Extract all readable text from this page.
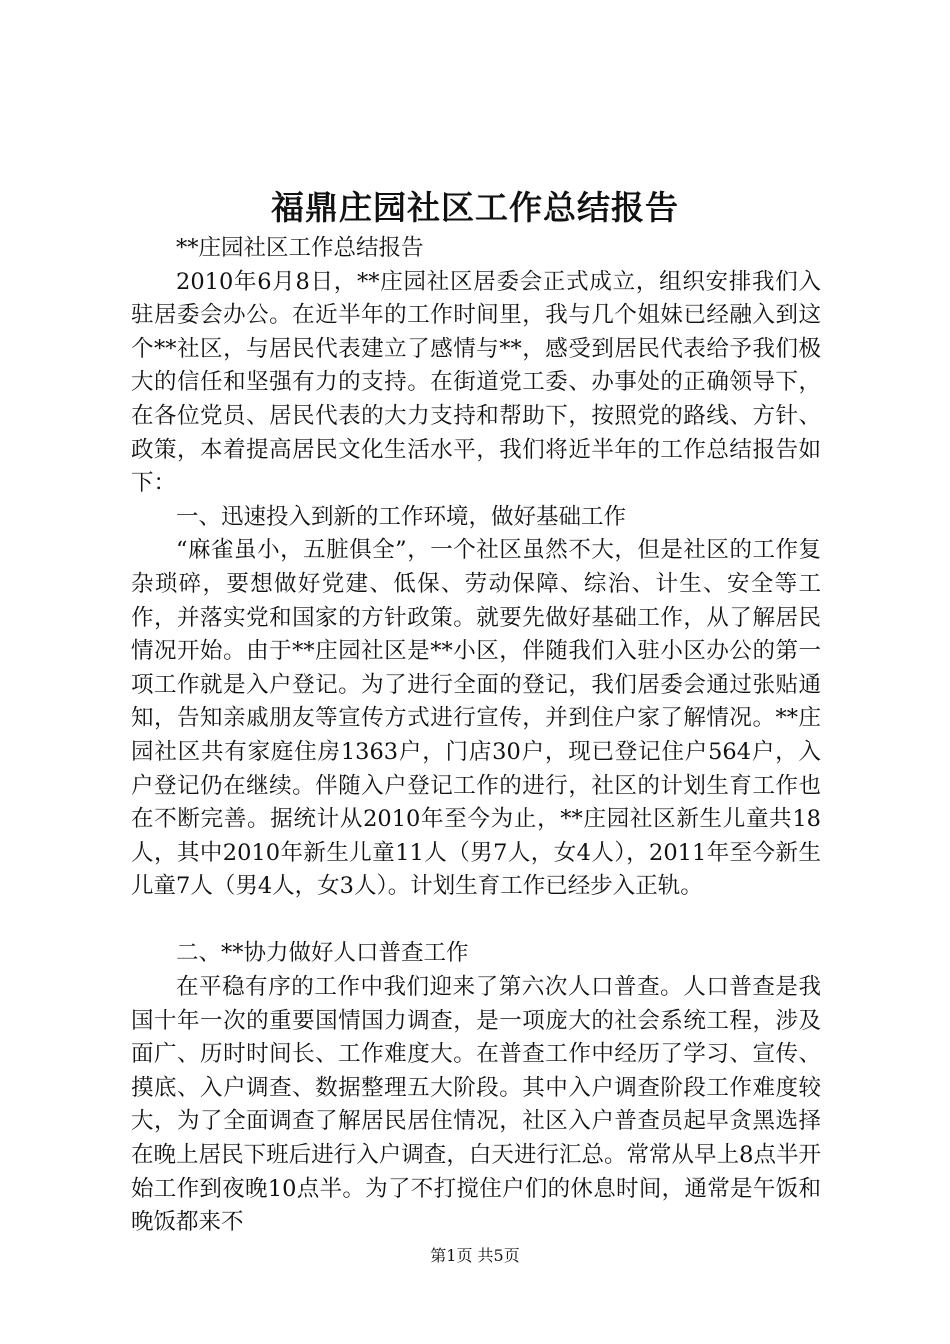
福鼎庄园社区工作总结报告

**庄园社区工作总结报告

2010年6月8日，**庄园社区居委会正式成立，组织安排我们入驻居委会办公。在近半年的工作时间里，我与几个姐妹已经融入到这个**社区，与居民代表建立了感情与**，感受到居民代表给予我们极大的信任和坚强有力的支持。在街道党工委、办事处的正确领导下，在各位党员、居民代表的大力支持和帮助下，按照党的路线、方针、政策，本着提高居民文化生活水平，我们将近半年的工作总结报告如下：

一、迅速投入到新的工作环境，做好基础工作

“麻雀虽小，五脏俱全”，一个社区虽然不大，但是社区的工作复杂琐碎，要想做好党建、低保、劳动保障、综治、计生、安全等工作，并落实党和国家的方针政策。就要先做好基础工作，从了解居民情况开始。由于**庄园社区是**小区，伴随我们入驻小区办公的第一项工作就是入户登记。为了进行全面的登记，我们居委会通过张贴通知，告知亲戚朋友等宣传方式进行宣传，并到住户家了解情况。**庄园社区共有家庭住房1363户，门店30户，现已登记住户564户，入户登记仍在继续。伴随入户登记工作的进行，社区的计划生育工作也在不断完善。据统计从2010年至今为止，**庄园社区新生儿童共18人，其中2010年新生儿童11人（男7人，女4人），2011年至今新生儿童7人（男4人，女3人）。计划生育工作已经步入正轨。

二、**协力做好人口普查工作

在平稳有序的工作中我们迎来了第六次人口普查。人口普查是我国十年一次的重要国情国力调查，是一项庞大的社会系统工程，涉及面广、历时时间长、工作难度大。在普查工作中经历了学习、宣传、摸底、入户调查、数据整理五大阶段。其中入户调查阶段工作难度较大，为了全面调查了解居民居住情况，社区入户普查员起早贪黑选择在晚上居民下班后进行入户调查，白天进行汇总。常常从早上8点半开始工作到夜晚10点半。为了不打搅住户们的休息时间，通常是午饭和晚饭都来不

第1页 共5页
